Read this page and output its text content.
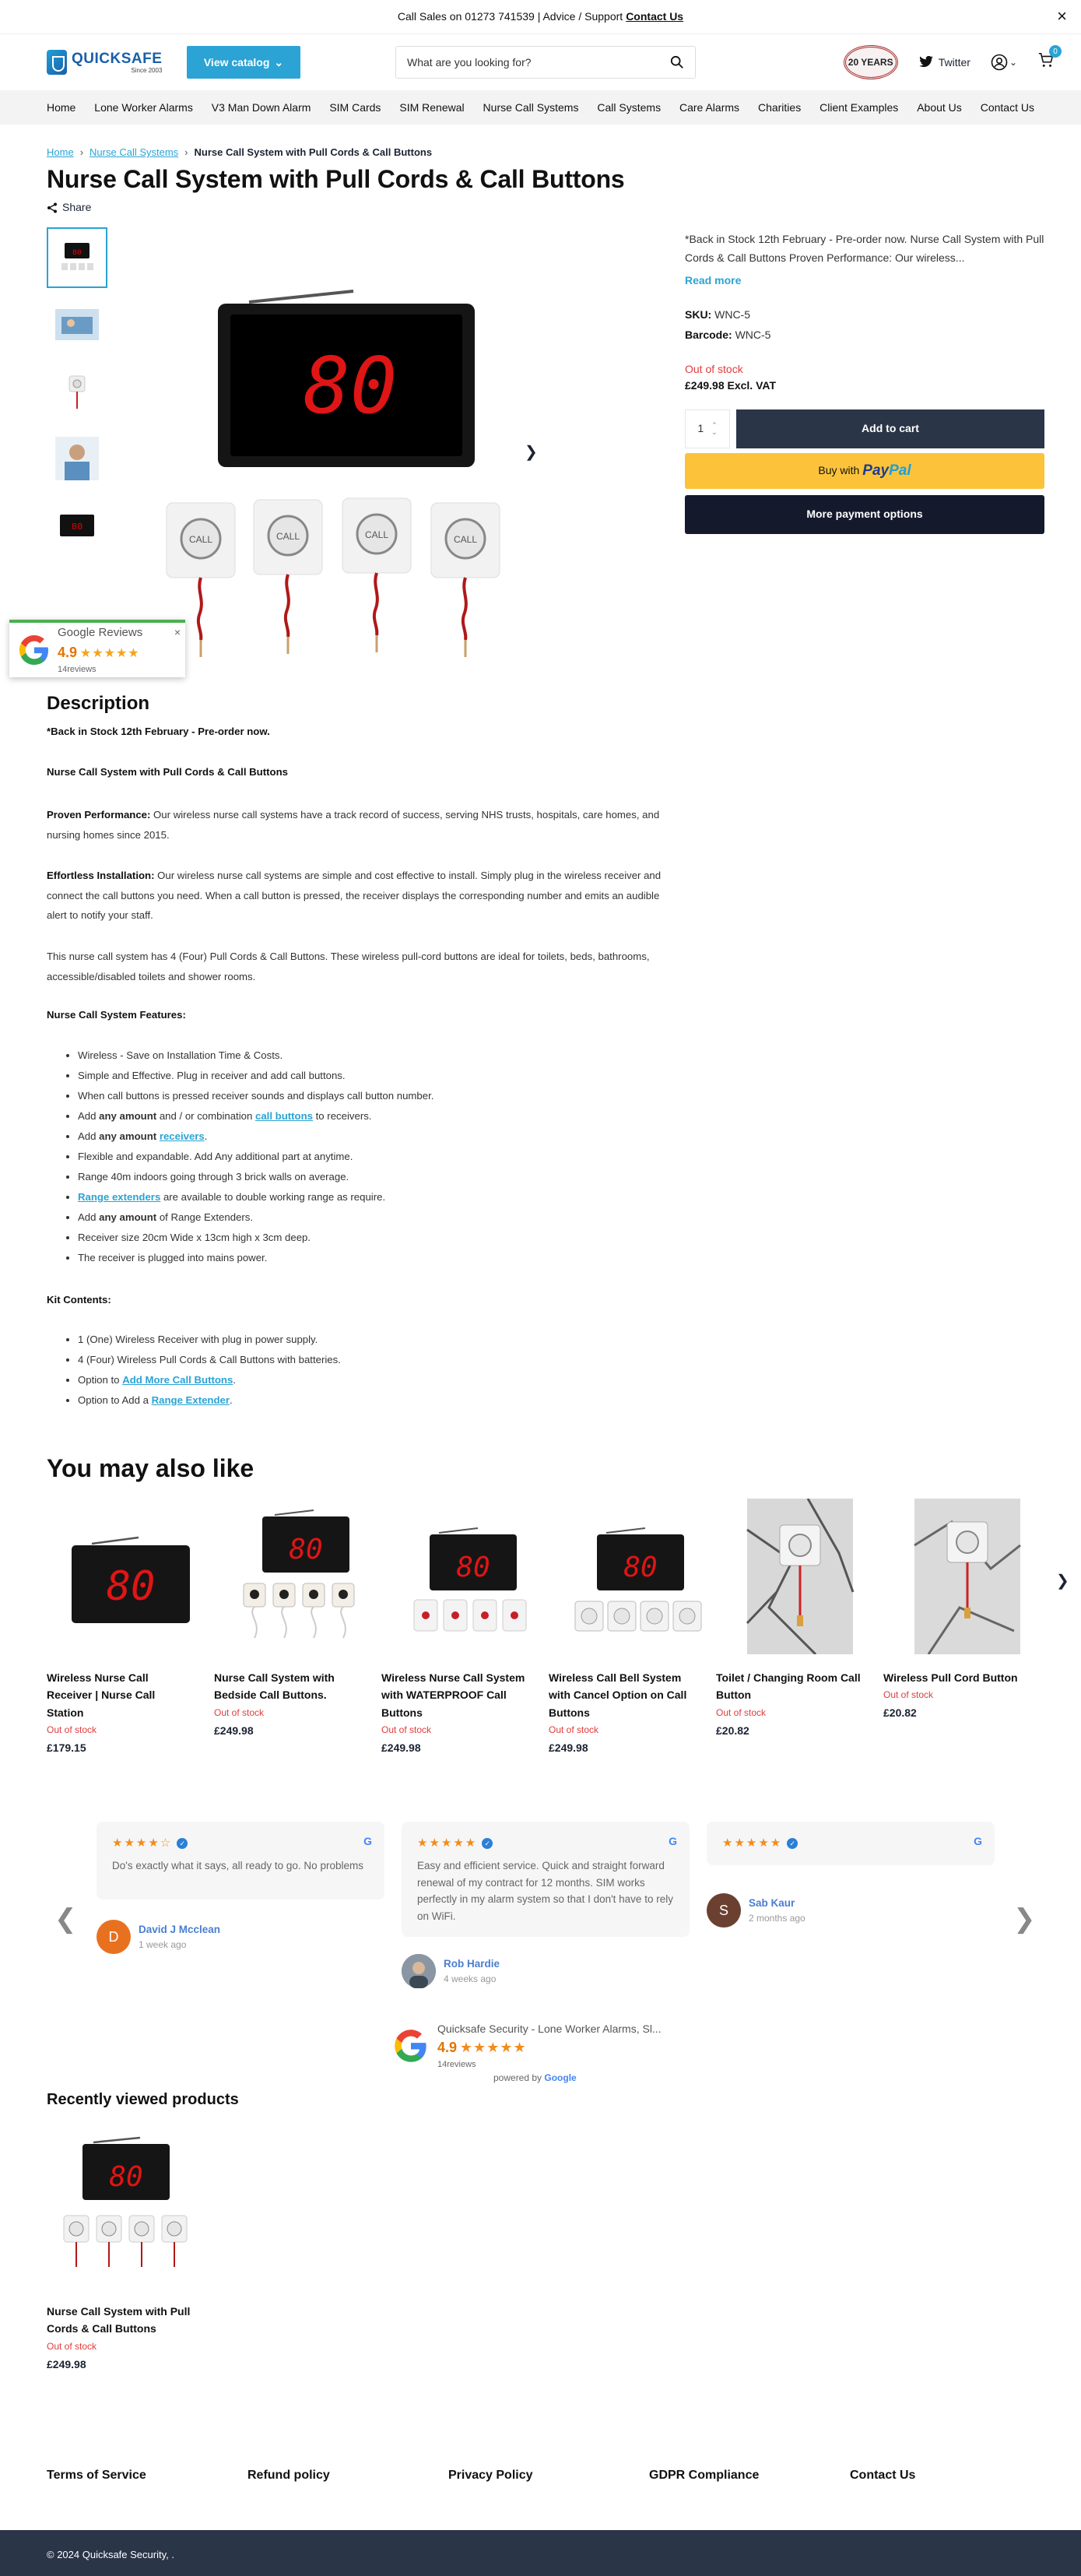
Call Sales on 01273 741539 | Advice / Support Contact Us	×
QUICKSAFE
Since 2003
View catalog ⌄	What are you looking for?	20 YEARS	Twitter	⌄
0
Home Lone Worker Alarms V3 Man Down Alarm SIM Cards SIM Renewal Nurse Call Systems Call Systems Care Alarms Charities Client Examples About Us Contact Us
Home › Nurse Call Systems › Nurse Call System with Pull Cords & Call Buttons
Nurse Call System with Pull Cords & Call Buttons
Share
80
80
80
CALL	CALL	CALL	CALL
❯
*Back in Stock 12th February - Pre-order now. Nurse Call System with Pull Cords & Call Buttons Proven Performance: Our wireless...
Read more
SKU: WNC-5
Barcode: WNC-5
Out of stock
£249.98 Excl. VAT
1 ⌃
⌄	Add to cart
Buy with PayPal
More payment options
×
Google Reviews
4.9 ★★★★★
14reviews
Description
*Back in Stock 12th February - Pre-order now.
Nurse Call System with Pull Cords & Call Buttons
Proven Performance: Our wireless nurse call systems have a track record of success, serving NHS trusts, hospitals, care homes, and nursing homes since 2015.
Effortless Installation: Our wireless nurse call systems are simple and cost effective to install. Simply plug in the wireless receiver and connect the call buttons you need. When a call button is pressed, the receiver displays the corresponding number and emits an audible alert to notify your staff.
This nurse call system has 4 (Four) Pull Cords & Call Buttons. These wireless pull-cord buttons are ideal for toilets, beds, bathrooms, accessible/disabled toilets and shower rooms.
Nurse Call System Features:
• Wireless - Save on Installation Time & Costs.
• Simple and Effective. Plug in receiver and add call buttons.
• When call buttons is pressed receiver sounds and displays call button number.
• Add any amount and / or combination call buttons to receivers.
• Add any amount receivers.
• Flexible and expandable. Add Any additional part at anytime.
• Range 40m indoors going through 3 brick walls on average.
• Range extenders are available to double working range as require.
• Add any amount of Range Extenders.
• Receiver size 20cm Wide x 13cm high x 3cm deep.
• The receiver is plugged into mains power.
Kit Contents:
• 1 (One) Wireless Receiver with plug in power supply.
• 4 (Four) Wireless Pull Cords & Call Buttons with batteries.
• Option to Add More Call Buttons.
• Option to Add a Range Extender.
You may also like
80
Wireless Nurse Call Receiver | Nurse Call Station
Out of stock
£179.15
80
Nurse Call System with Bedside Call Buttons.
Out of stock
£249.98
80
Wireless Nurse Call System with WATERPROOF Call Buttons
Out of stock
£249.98
80
Wireless Call Bell System with Cancel Option on Call Buttons
Out of stock
£249.98
Toilet / Changing Room Call Button
Out of stock
£20.82
Wireless Pull Cord Button
Out of stock
£20.82
❯
❮	❯
★★★★☆ ✓	G
Do's exactly what it says, all ready to go. No problems
D	David J Mcclean
1 week ago
★★★★★ ✓	G
Easy and efficient service. Quick and straight forward renewal of my contract for 12 months. SIM works perfectly in my alarm system so that I don't have to rely on WiFi.
Rob Hardie
4 weeks ago
★★★★★ ✓	G
S	Sab Kaur
2 months ago
Quicksafe Security - Lone Worker Alarms, Sl...
4.9 ★★★★★
14reviews
powered by Google
Recently viewed products
80
Nurse Call System with Pull Cords & Call Buttons
Out of stock
£249.98
Terms of Service	Refund policy	Privacy Policy	GDPR Compliance	Contact Us
© 2024 Quicksafe Security, .
